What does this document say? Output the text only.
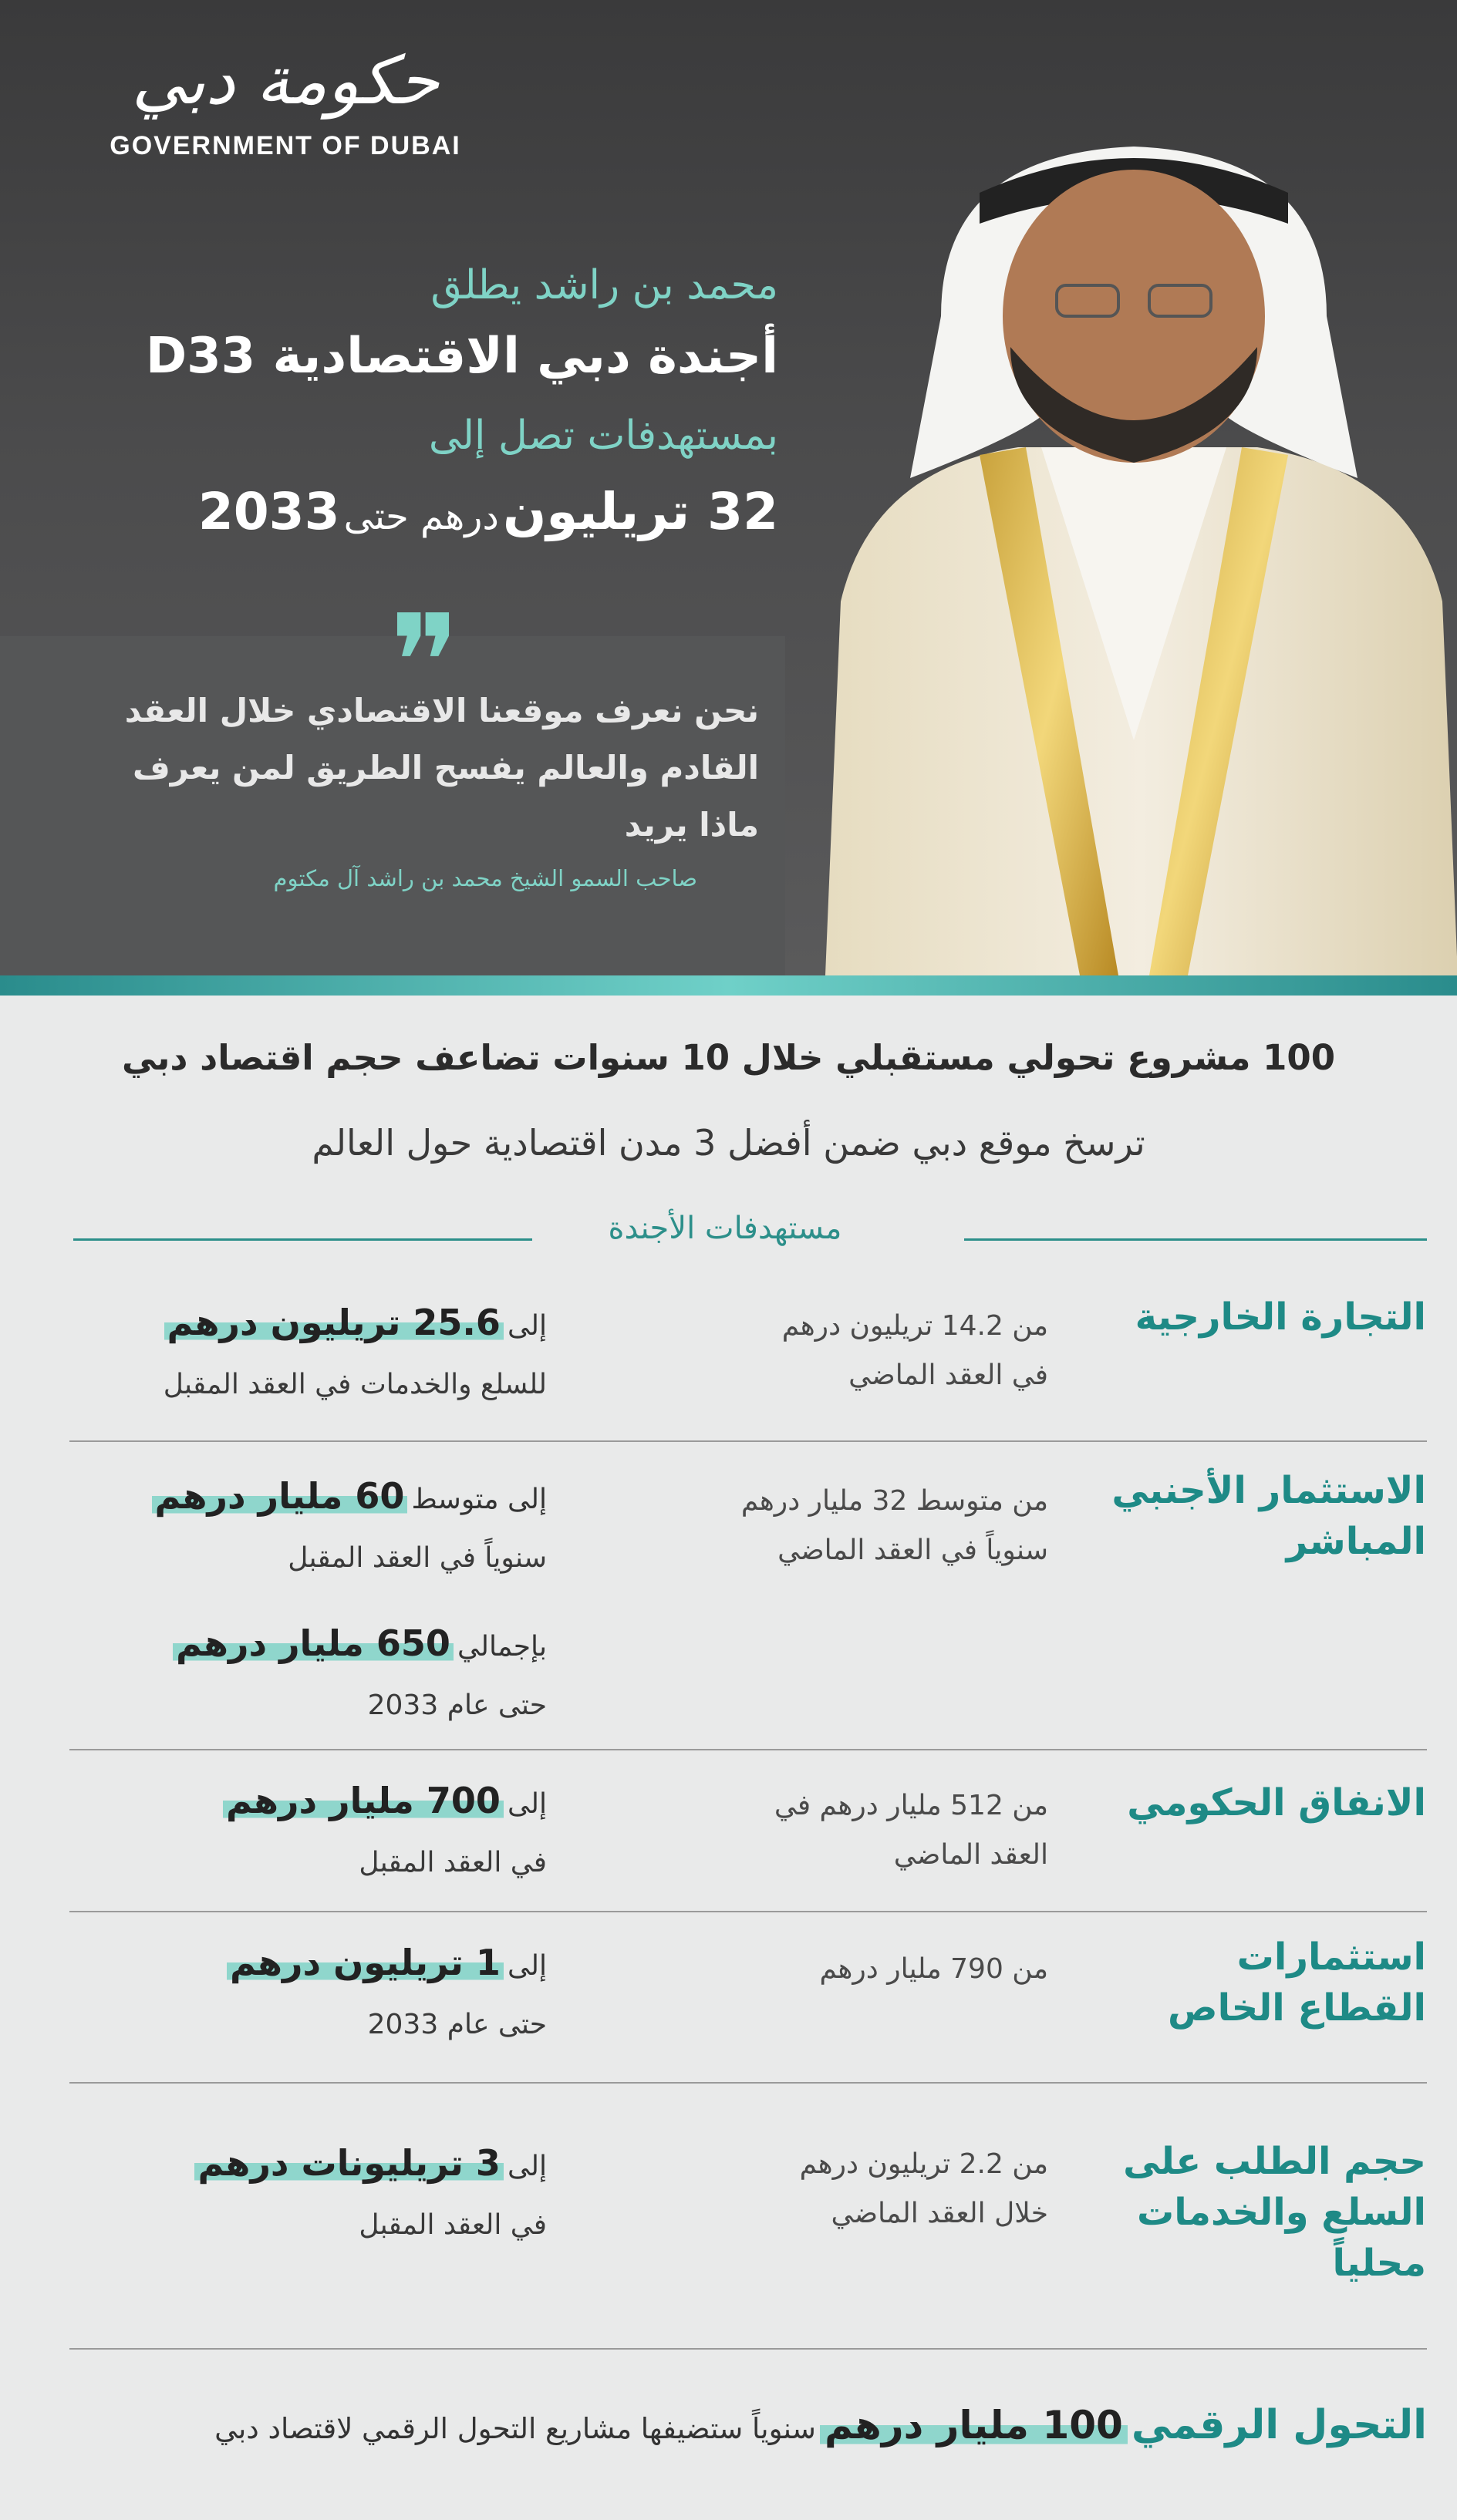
حكومة دبي
GOVERNMENT OF DUBAI
محمد بن راشد يطلق
أجندة دبي الاقتصادية D33
بمستهدفات تصل إلى
32 تريليون درهم حتى 2033
❞
نحن نعرف موقعنا الاقتصادي خلال العقد
القادم والعالم يفسح الطريق لمن يعرف
ماذا يريد
صاحب السمو الشيخ محمد بن راشد آل مكتوم
100 مشروع تحولي مستقبلي خلال 10 سنوات تضاعف حجم اقتصاد دبي
ترسخ موقع دبي ضمن أفضل 3 مدن اقتصادية حول العالم
مستهدفات الأجندة
التجارة الخارجية
من 14.2 تريليون درهم
في العقد الماضي
إلى 25.6 تريليون درهم
للسلع والخدمات في العقد المقبل
الاستثمار الأجنبي المباشر
من متوسط 32 مليار درهم
سنوياً في العقد الماضي
إلى متوسط 60 مليار درهم
سنوياً في العقد المقبل
بإجمالي 650 مليار درهم
حتى عام 2033
الانفاق الحكومي
من 512 مليار درهم في
العقد الماضي
إلى 700 مليار درهم
في العقد المقبل
استثمارات القطاع الخاص
من 790 مليار درهم
إلى 1 تريليون درهم
حتى عام 2033
حجم الطلب على السلع والخدمات محلياً
من 2.2 تريليون درهم
خلال العقد الماضي
إلى 3 تريليونات درهم
في العقد المقبل
التحول الرقمي 100 مليار درهم سنوياً ستضيفها مشاريع التحول الرقمي لاقتصاد دبي
